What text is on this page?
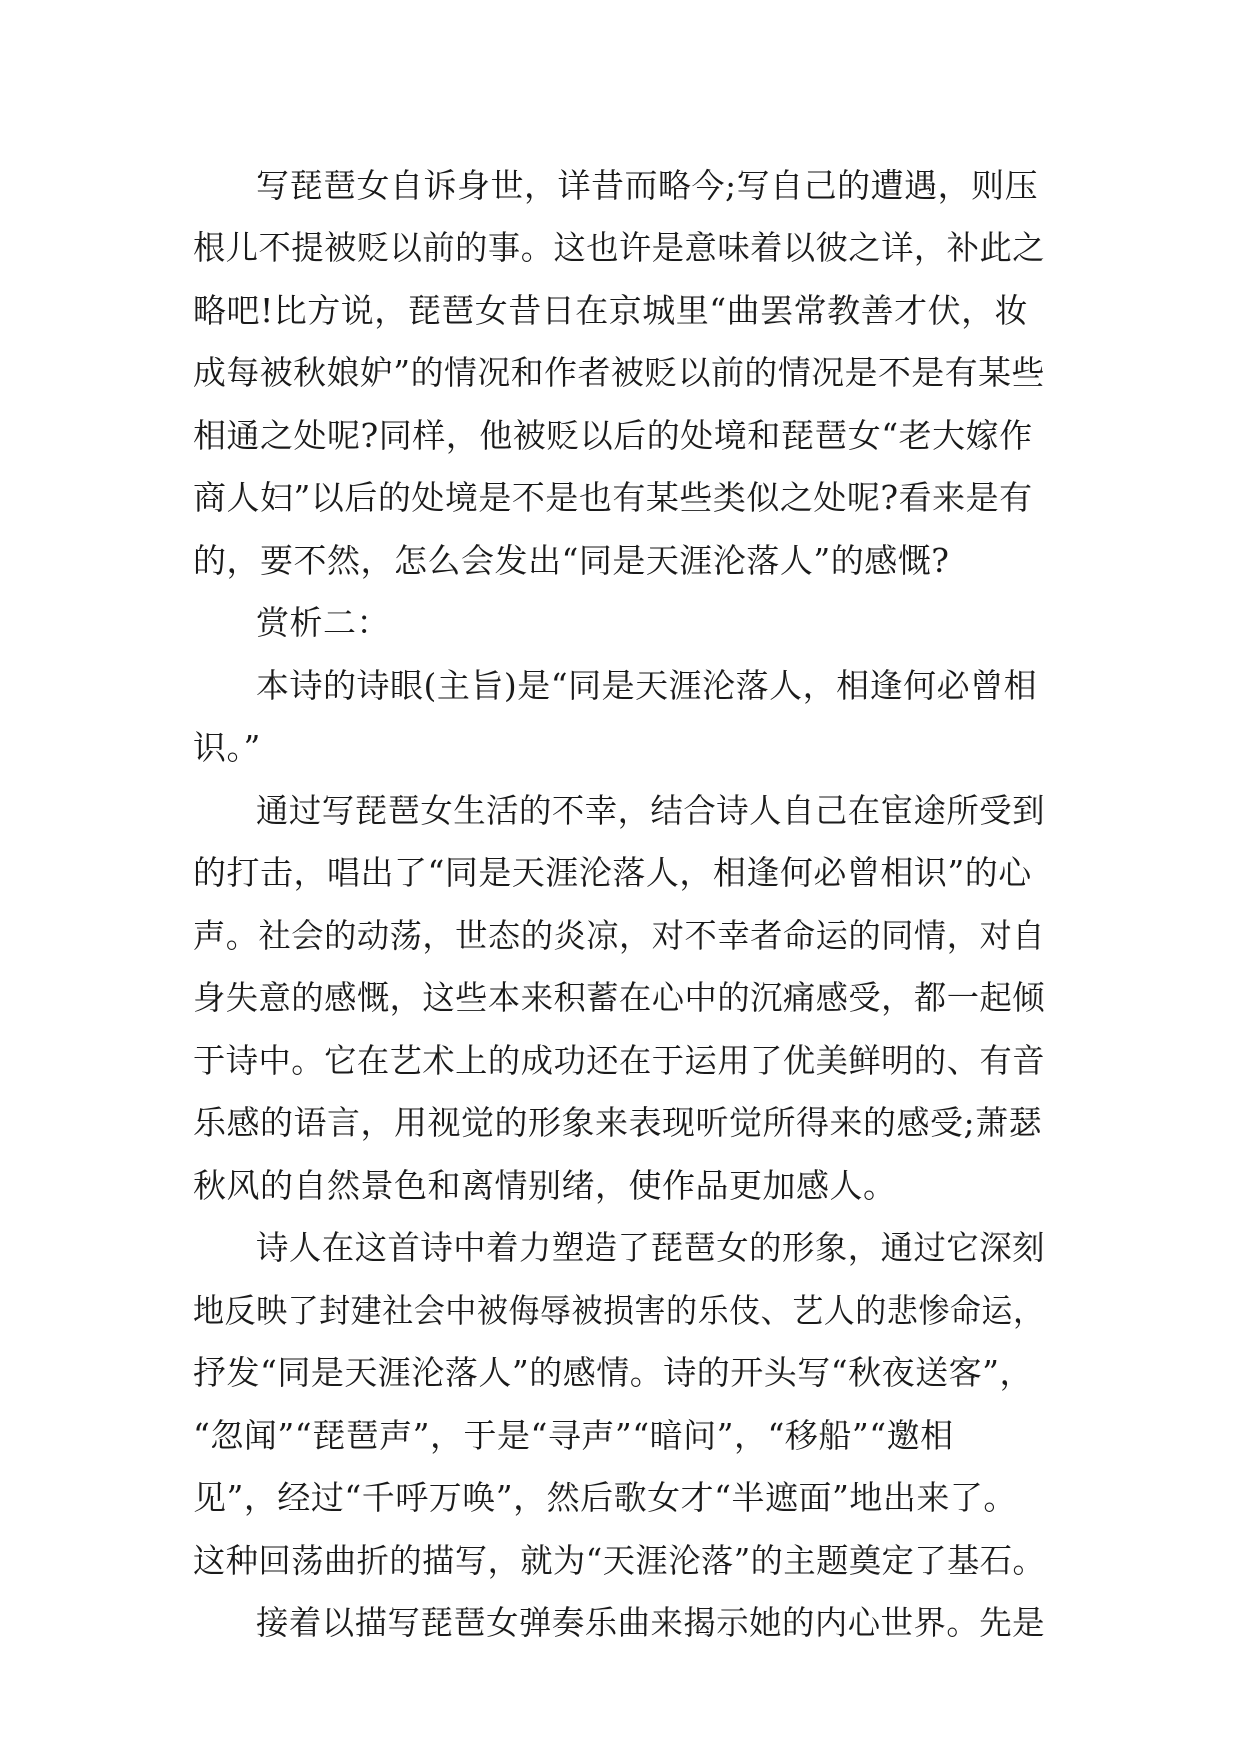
写琵琶女自诉身世，详昔而略今;写自己的遭遇，则压
根儿不提被贬以前的事。这也许是意味着以彼之详，补此之
略吧!比方说，琵琶女昔日在京城里“曲罢常教善才伏，妆
成每被秋娘妒”的情况和作者被贬以前的情况是不是有某些
相通之处呢?同样，他被贬以后的处境和琵琶女“老大嫁作
商人妇”以后的处境是不是也有某些类似之处呢?看来是有
的，要不然，怎么会发出“同是天涯沦落人”的感慨?
赏析二：
本诗的诗眼(主旨)是“同是天涯沦落人，相逢何必曾相
识。”
通过写琵琶女生活的不幸，结合诗人自己在宦途所受到
的打击，唱出了“同是天涯沦落人，相逢何必曾相识”的心
声。社会的动荡，世态的炎凉，对不幸者命运的同情，对自
身失意的感慨，这些本来积蓄在心中的沉痛感受，都一起倾
于诗中。它在艺术上的成功还在于运用了优美鲜明的、有音
乐感的语言，用视觉的形象来表现听觉所得来的感受;萧瑟
秋风的自然景色和离情别绪，使作品更加感人。
诗人在这首诗中着力塑造了琵琶女的形象，通过它深刻
地反映了封建社会中被侮辱被损害的乐伎、艺人的悲惨命运，
抒发“同是天涯沦落人”的感情。诗的开头写“秋夜送客”，
“忽闻”“琵琶声”，于是“寻声”“暗问”，“移船”“邀相
见”，经过“千呼万唤”，然后歌女才“半遮面”地出来了。
这种回荡曲折的描写，就为“天涯沦落”的主题奠定了基石。
接着以描写琵琶女弹奏乐曲来揭示她的内心世界。先是
